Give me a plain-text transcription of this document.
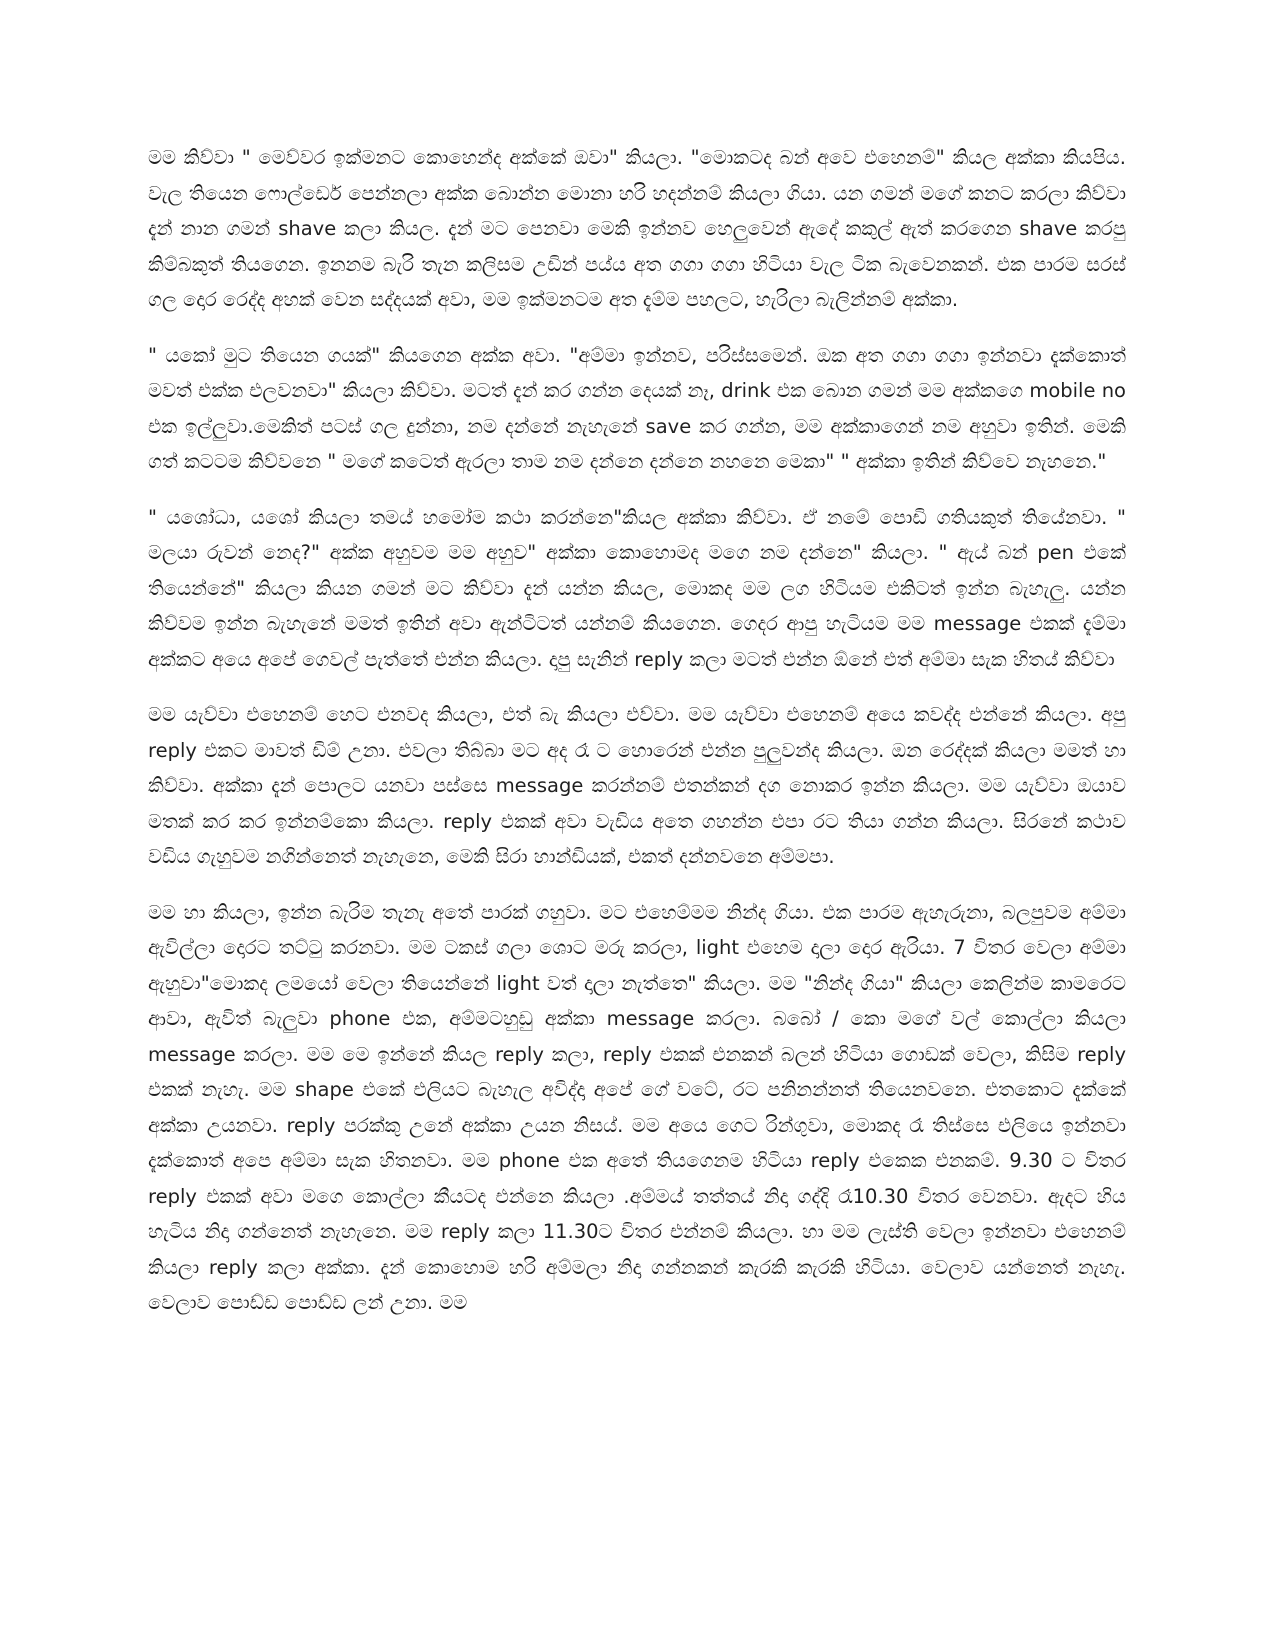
මම කිව්වා " මෙව්වර ඉක්මනට කොහෙන්ද අක්කේ ඔවා" කියලා. "මොකටද බන් අවෙ එහෙනම්" කියල අක්කා කියපිය. වැල තියෙන ෆොල්ඩෙර් පෙන්නලා අක්ක බොන්න මොනා හරි හදන්නම් කියලා ගියා. යන ගමන් මගේ කනට කරලා කිව්වා දැන් නාන ගමන් shave කලා කියල. දැන් මට පෙනවා මෙකි ඉන්නව හෙලුවෙන් ඇදේ කකුල් ඇත් කරගෙන shave කරපු කිම්බකුත් තියගෙන. ඉනනම බැරි තැන කලිසම උඩින් පය්ය අත ගගා ගගා හිටියා වැල ටික බැවෙනකන්. එක පාරම සරස් ගල දොර රෙද්ද අහක් වෙන සද්දයක් අවා, මම ඉක්මනටම අත දැම්ම පහලට, හැරිලා බැලින්නම් අක්කා.

" යකෝ මුට තියෙන ගයක්" කියගෙන අක්ක අවා. "අම්මා ඉන්නව, පරිස්සමෙන්. ඔක අත ගගා ගගා ඉන්නවා දැක්කොත් මවත් එක්ක එලවනවා" කියලා කිව්වා. මටත් දැන් කර ගන්න දෙයක් නෑ, drink එක බොන ගමන් මම අක්කගෙ mobile no එක ඉල්ලුවා.මෙකිත් පටස් ගල දුන්නා, නම දන්නේ නැහැනේ save කර ගන්න, මම අක්කාගෙන් නම අහුවා ඉතින්. මෙකි ගත් කටටම කිව්වනෙ " මගේ කටෙත් ඇරලා තාම නම දන්නෙ දන්නෙ නහනෙ මෙකා" " අක්කා ඉතින් කිව්වෙ නැහනෙ."

" යශෝධා, යශෝ කියලා තමය් හමෝම කථා කරන්නෙ"කියල අක්කා කිව්වා. ඒ නමේ පොඩි ගතියකුත් තියේනවා. " මලයා රුවන් නෙද?" අක්ක අහුවම මම අහුව" අක්කා කොහොමද මගෙ නම දන්නෙ" කියලා. " ඇය් බන් pen එකේ තියෙන්නේ" කියලා කියන ගමන් මට කිව්වා දැන් යන්න කියල, මොකද මම ලග හිටියම එකිටත් ඉන්න බැහැලු. යන්න කිව්වම ඉන්න බැහැනේ මමත් ඉතින් අවා ඇන්ටිටත් යන්නම් කියගෙන. ගෙදර ආපු හැටියම මම message එකක් දැම්මා අක්කට අයෙ අපේ ගෙවල් පැත්තේ එන්න කියලා. දාපු සැනින් reply කලා මටත් එන්න ඕනේ එත් අම්මා සැක හිතය් කිව්වා

මම යැව්වා එහෙනම් හෙට එනවද කියලා, එත් බැ කියලා එව්වා. මම යැව්වා එහෙනම් අයෙ කවද්ද එන්නේ කියලා. අපු reply එකට මාවත් ඩිම් උනා. එවලා තිබ්බා මට අද රෑ ට හොරෙන් එන්න පුලුවන්ද කියලා. ඔන රෙද්දක් කියලා මමත් හා කිව්වා. අක්කා දැන් පොලට යනවා පස්සෙ message කරන්නම් එතන්කන් දග නොකර ඉන්න කියලා. මම යැව්වා ඔයාව මතක් කර කර ඉන්නම්කො කියලා. reply එකක් අවා වැඩිය අතෙ ගහන්න එපා රට තියා ගන්න කියලා. සිරනේ කථාව වඩිය ගැහුවම නගින්නෙත් නැහැනෙ, මෙකි සිරා හාන්ඩියක්, එකත් දන්නවනෙ අම්මපා.

මම හා කියලා, ඉන්න බැරිම තැනැ අතේ පාරක් ගහුවා. මට එහෙම්මම නින්ද ගියා. එක පාරම ඇහැරුනා, බලපුවම අම්මා ඇවිල්ලා දොරට තට්ටු කරනවා. මම ටකස් ගලා ශොට මරු කරලා, light එහෙම දාලා දොර ඇරියා. 7 විතර වෙලා අම්මා ඇහුවා"මොකද ලමයෝ වෙලා තියෙන්නේ light වත් දාලා නැත්තෙ" කියලා. මම "නින්ද ගියා" කියලා කෙලින්ම කාමරෙට ආවා, ඇවිත් බැලුවා phone එක, අම්මටහුඩු අක්කා message කරලා. බබෝ / කො මගේ වල් කොල්ලා කියලා message කරලා. මම මෙ ඉන්නේ කියල reply කලා, reply එකක් එනකන් බලන් හිටියා ගොඩක් වෙලා, කිසිම reply එකක් නැහැ. මම shape එකේ එලියට බැහැල අවිද්දා අපේ ගේ වටේ, රට පනිනන්නත් තියෙනවනෙ. එතකොට දැක්කේ අක්කා උයනවා. reply පරක්කු උනේ අක්කා උයන නිසය්. මම අයෙ ගෙට රින්ගුවා, මොකද රෑ තිස්සෙ එලියෙ ඉන්නවා දැක්කොත් අපෙ අම්මා සැක හිතනවා. මම phone එක අතේ තියගෙනම හිටියා reply එකෙක එනකම්. 9.30 ට විතර reply එකක් අවා මගෙ කොල්ලා කීයටද එන්නෙ කියලා .අම්මය් තත්තය් නිදා ගද්දි රෑ10.30 විතර වෙනවා. ඇදට හිය හැටිය නිදා ගන්නෙත් නැහැනෙ. මම reply කලා 11.30ට විතර එන්නම් කියලා. හා මම ලැස්ති වෙලා ඉන්නවා එහෙනම් කියලා reply කලා අක්කා. දැන් කොහොම හරි අම්මලා නිදා ගන්නකන් කැරකි කැරකි හිටියා. වෙලාව යන්නෙත් නැහැ. වෙලාව පොඩ්ඩ පොඩ්ඩ ලන් උනා. මම
